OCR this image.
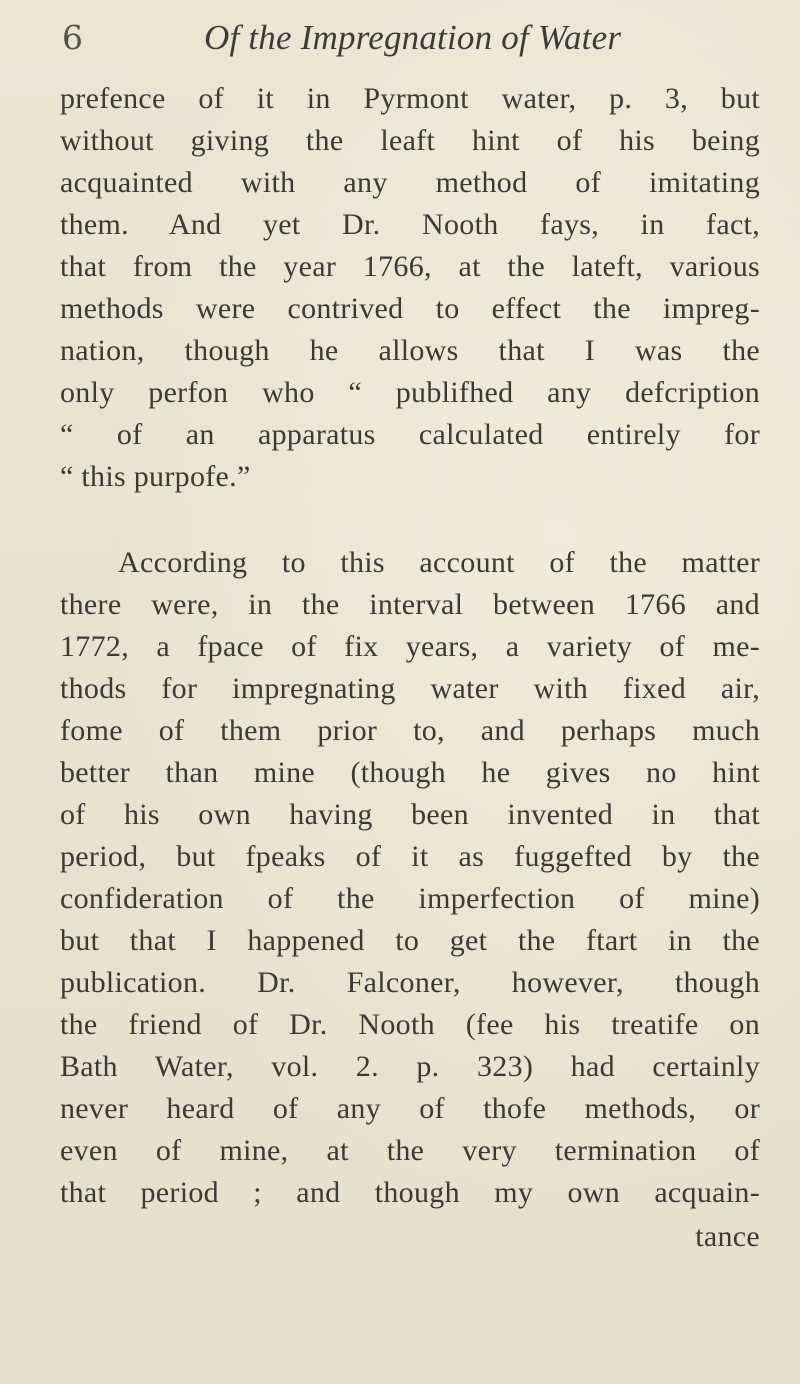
6	Of the Impregnation of Water
prefence of it in Pyrmont water, p. 3, but
without giving the leaft hint of his being
acquainted with any method of imitating
them. And yet Dr. Nooth fays, in fact,
that from the year 1766, at the lateft, various
methods were contrived to effect the impreg-
nation, though he allows that I was the
only perfon who “ publifhed any defcription
“ of an apparatus calculated entirely for
“ this purpofe.”
According to this account of the matter
there were, in the interval between 1766 and
1772, a fpace of fix years, a variety of me-
thods for impregnating water with fixed air,
fome of them prior to, and perhaps much
better than mine (though he gives no hint
of his own having been invented in that
period, but fpeaks of it as fuggefted by the
confideration of the imperfection of mine)
but that I happened to get the ftart in the
publication. Dr. Falconer, however, though
the friend of Dr. Nooth (fee his treatife on
Bath Water, vol. 2. p. 323) had certainly
never heard of any of thofe methods, or
even of mine, at the very termination of
that period ; and though my own acquain-
tance
